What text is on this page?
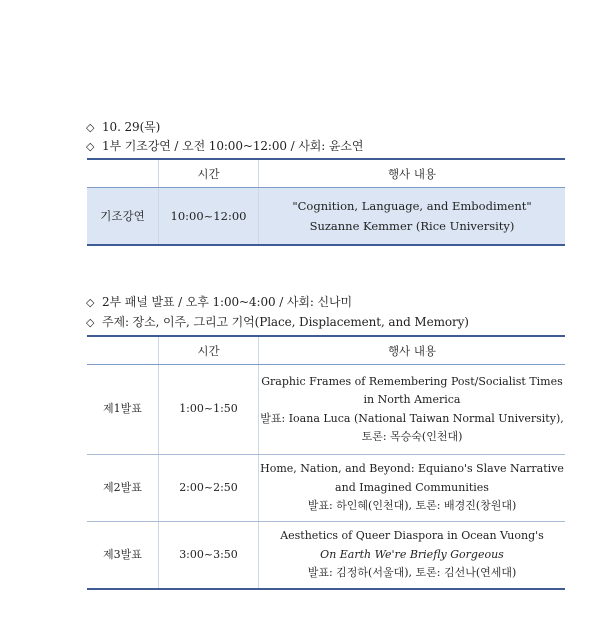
◇ 10. 29(목)
◇ 1부 기조강연 / 오전 10:00~12:00 / 사회: 윤소연
	시간	행사 내용
기조강연	10:00~12:00	"Cognition, Language, and Embodiment"
Suzanne Kemmer (Rice University)
◇ 2부 패널 발표 / 오후 1:00~4:00 / 사회: 신나미
◇ 주제: 장소, 이주, 그리고 기억(Place, Displacement, and Memory)
	시간	행사 내용
제1발표	1:00~1:50	Graphic Frames of Remembering Post/Socialist Times
in North America
발표: Ioana Luca (National Taiwan Normal University),
토론: 목승숙(인천대)

제2발표	2:00~2:50	Home, Nation, and Beyond: Equiano's Slave Narrative
and Imagined Communities
발표: 하인혜(인천대), 토론: 배경진(창원대)

제3발표	3:00~3:50	Aesthetics of Queer Diaspora in Ocean Vuong's
On Earth We're Briefly Gorgeous
발표: 김정하(서울대), 토론: 김선나(연세대)
